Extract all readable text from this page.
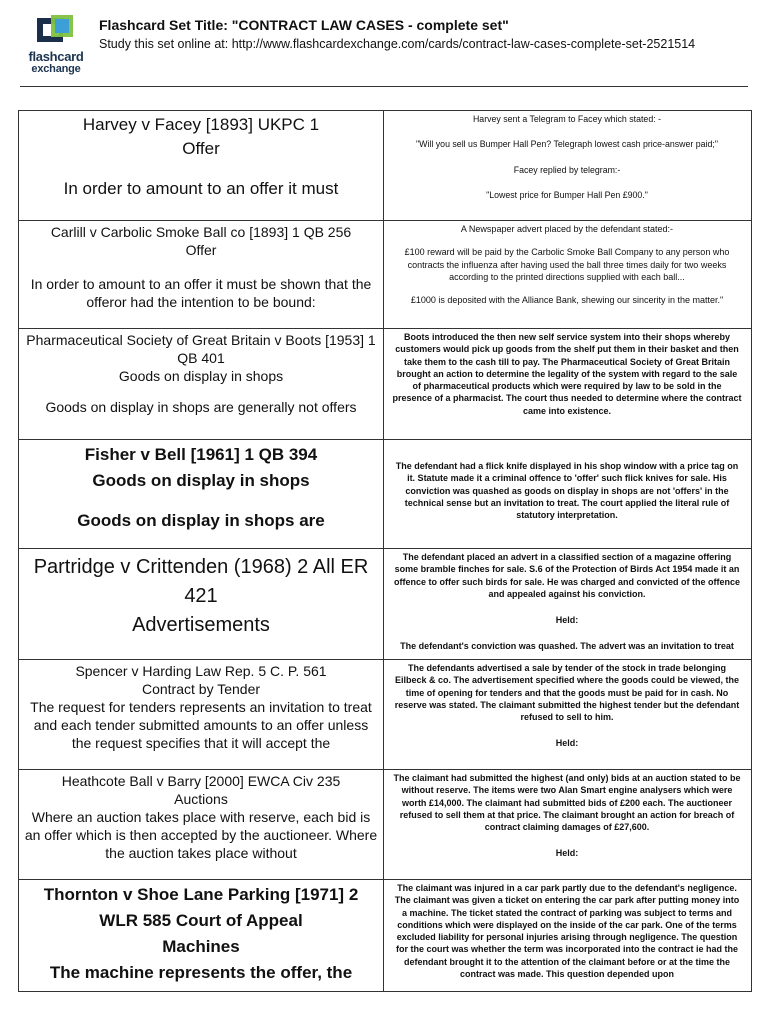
flashcard
exchange
Flashcard Set Title: "CONTRACT LAW CASES - complete set"
Study this set online at: http://www.flashcardexchange.com/cards/contract-law-cases-complete-set-2521514

Harvey v Facey [1893] UKPC 1

Offer

In order to amount to an offer it must

Harvey sent a Telegram to Facey which stated: -

"Will you sell us Bumper Hall Pen? Telegraph lowest cash price-answer paid;"

Facey replied by telegram:-

"Lowest price for Bumper Hall Pen £900."

Carlill v Carbolic Smoke Ball co [1893] 1 QB 256

Offer

In order to amount to an offer it must be shown that the offeror had the intention to be bound:

A Newspaper advert placed by the defendant stated:-

£100 reward will be paid by the Carbolic Smoke Ball Company to any person who contracts the influenza after having used the ball three times daily for two weeks according to the printed directions supplied with each ball...

£1000 is deposited with the Alliance Bank, shewing our sincerity in the matter."

Pharmaceutical Society of Great Britain v Boots [1953] 1 QB 401

Goods on display in shops

Goods on display in shops are generally not offers

Boots introduced the then new self service system into their shops whereby customers would pick up goods from the shelf put them in their basket and then take them to the cash till to pay. The Pharmaceutical Society of Great Britain brought an action to determine the legality of the system with regard to the sale of pharmaceutical products which were required by law to be sold in the presence of a pharmacist. The court thus needed to determine where the contract came into existence.

Fisher v Bell [1961] 1 QB 394

Goods on display in shops

Goods on display in shops are

The defendant had a flick knife displayed in his shop window with a price tag on it. Statute made it a criminal offence to 'offer' such flick knives for sale. His conviction was quashed as goods on display in shops are not 'offers' in the technical sense but an invitation to treat. The court applied the literal rule of statutory interpretation.

Partridge v Crittenden (1968) 2 All ER 421

Advertisements

The defendant placed an advert in a classified section of a magazine offering some bramble finches for sale. S.6 of the Protection of Birds Act 1954 made it an offence to offer such birds for sale. He was charged and convicted of the offence and appealed against his conviction.

Held:

The defendant's conviction was quashed. The advert was an invitation to treat

Spencer v Harding Law Rep. 5 C. P. 561

Contract by Tender

The request for tenders represents an invitation to treat and each tender submitted amounts to an offer unless the request specifies that it will accept the

The defendants advertised a sale by tender of the stock in trade belonging Eilbeck & co. The advertisement specified where the goods could be viewed, the time of opening for tenders and that the goods must be paid for in cash. No reserve was stated. The claimant submitted the highest tender but the defendant refused to sell to him.

Held:

Heathcote Ball v Barry [2000] EWCA Civ 235

Auctions

Where an auction takes place with reserve, each bid is an offer which is then accepted by the auctioneer. Where the auction takes place without

The claimant had submitted the highest (and only) bids at an auction stated to be without reserve. The items were two Alan Smart engine analysers which were worth £14,000. The claimant had submitted bids of £200 each. The auctioneer refused to sell them at that price. The claimant brought an action for breach of contract claiming damages of £27,600.

Held:

Thornton v Shoe Lane Parking [1971] 2 WLR 585 Court of Appeal

Machines

The machine represents the offer, the

The claimant was injured in a car park partly due to the defendant's negligence. The claimant was given a ticket on entering the car park after putting money into a machine. The ticket stated the contract of parking was subject to terms and conditions which were displayed on the inside of the car park. One of the terms excluded liability for personal injuries arising through negligence. The question for the court was whether the term was incorporated into the contract ie had the defendant brought it to the attention of the claimant before or at the time the contract was made. This question depended upon
